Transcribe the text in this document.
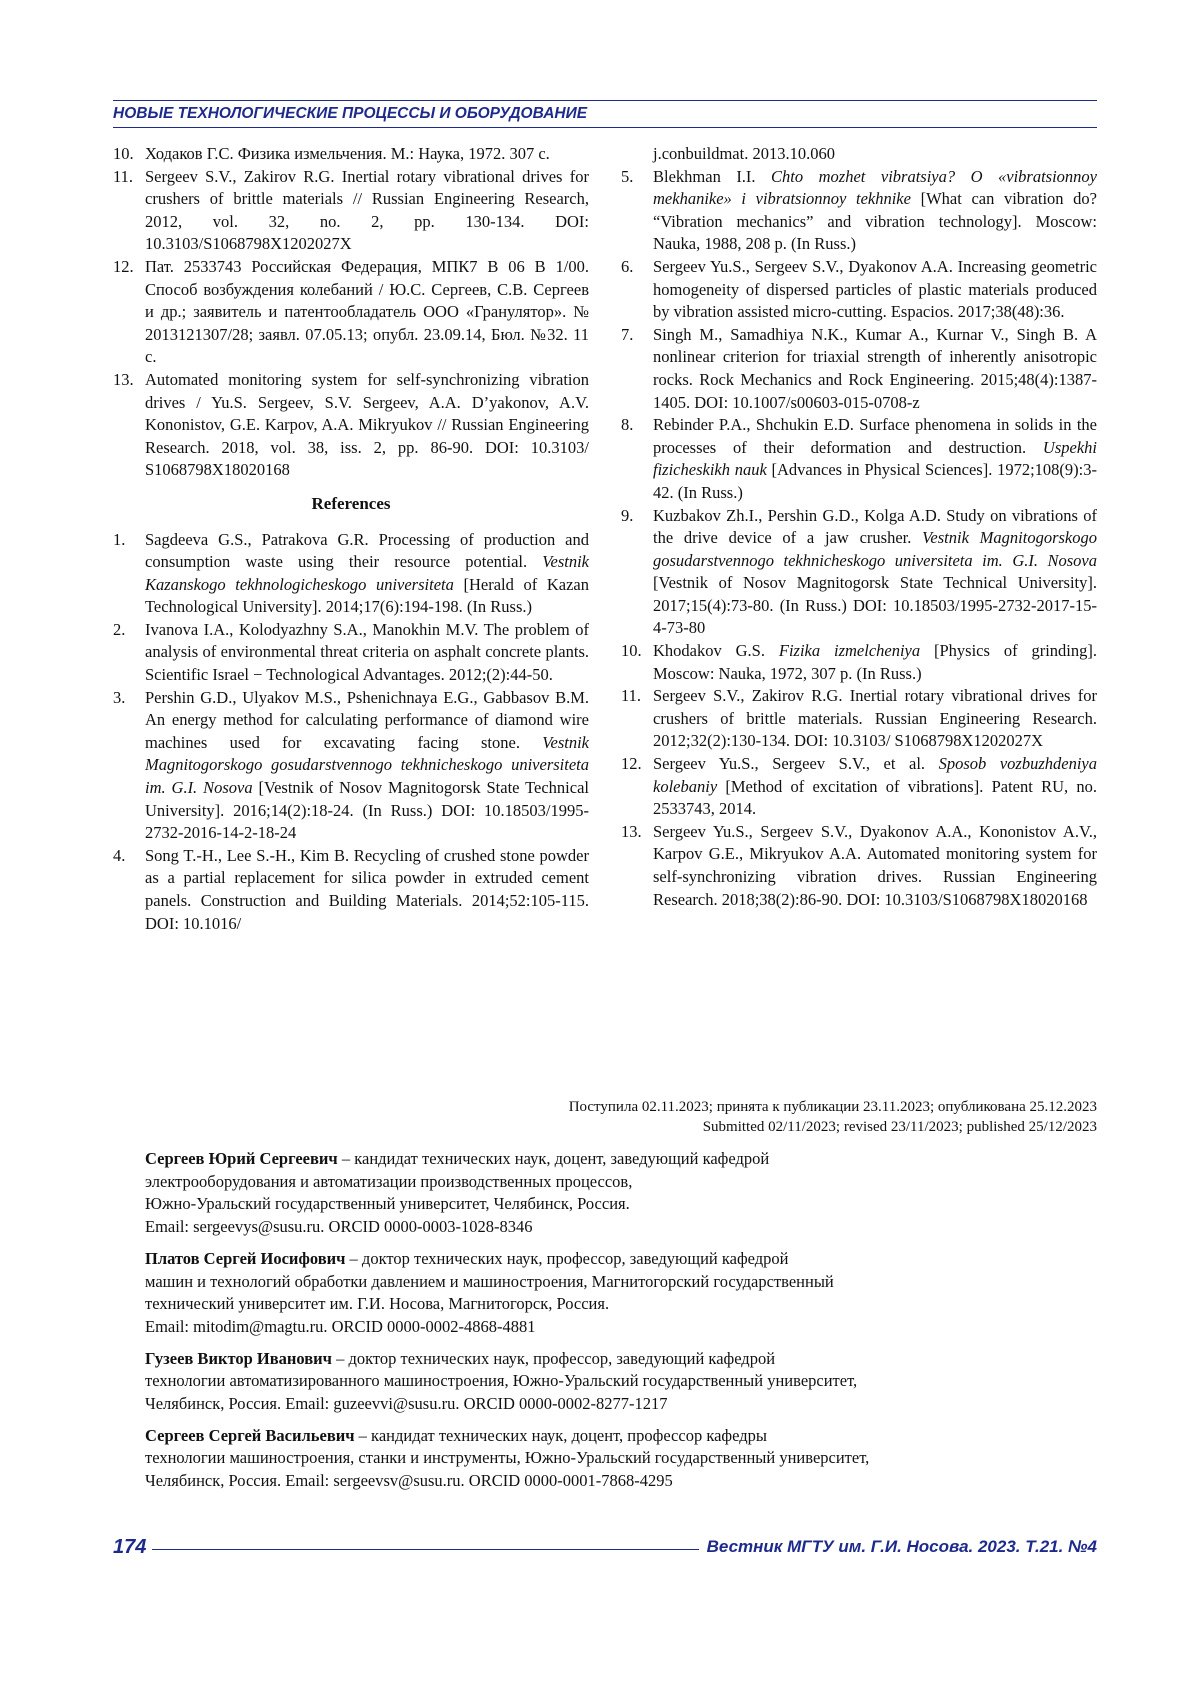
НОВЫЕ ТЕХНОЛОГИЧЕСКИЕ ПРОЦЕССЫ И ОБОРУДОВАНИЕ

10. Ходаков Г.С. Физика измельчения. М.: Наука, 1972. 307 с.

11. Sergeev S.V., Zakirov R.G. Inertial rotary vibrational drives for crushers of brittle materials // Russian Engineering Research, 2012, vol. 32, no. 2, pp. 130-134. DOI: 10.3103/S1068798X1202027X

12. Пат. 2533743 Российская Федерация, МПК7 В 06 В 1/00. Способ возбуждения колебаний / Ю.С. Сергеев, С.В. Сергеев и др.; заявитель и патентообладатель ООО «Гранулятор». № 2013121307/28; заявл. 07.05.13; опубл. 23.09.14, Бюл. №32. 11 с.

13. Automated monitoring system for self-synchronizing vibration drives / Yu.S. Sergeev, S.V. Sergeev, A.A. D’yakonov, A.V. Kononistov, G.E. Karpov, A.A. Mikryukov // Russian Engineering Research. 2018, vol. 38, iss. 2, pp. 86-90. DOI: 10.3103/ S1068798X18020168

References

1. Sagdeeva G.S., Patrakova G.R. Processing of production and consumption waste using their resource potential. Vestnik Kazanskogo tekhnologicheskogo universiteta [Herald of Kazan Technological University]. 2014;17(6):194-198. (In Russ.)

2. Ivanova I.A., Kolodyazhny S.A., Manokhin M.V. The problem of analysis of environmental threat criteria on asphalt concrete plants. Scientific Israel − Technological Advantages. 2012;(2):44-50.

3. Pershin G.D., Ulyakov M.S., Pshenichnaya E.G., Gabbasov B.M. An energy method for calculating performance of diamond wire machines used for excavating facing stone. Vestnik Magnitogorskogo gosudarstvennogo tekhnicheskogo universiteta im. G.I. Nosova [Vestnik of Nosov Magnitogorsk State Technical University]. 2016;14(2):18-24. (In Russ.) DOI: 10.18503/1995-2732-2016-14-2-18-24

4. Song T.-H., Lee S.-H., Kim B. Recycling of crushed stone powder as a partial replacement for silica powder in extruded cement panels. Construction and Building Materials. 2014;52:105-115. DOI: 10.1016/

j.conbuildmat. 2013.10.060

5. Blekhman I.I. Chto mozhet vibratsiya? O «vibratsionnoy mekhanike» i vibratsionnoy tekhnike [What can vibration do? “Vibration mechanics” and vibration technology]. Moscow: Nauka, 1988, 208 p. (In Russ.)

6. Sergeev Yu.S., Sergeev S.V., Dyakonov A.A. Increasing geometric homogeneity of dispersed particles of plastic materials produced by vibration assisted micro-cutting. Espacios. 2017;38(48):36.

7. Singh M., Samadhiya N.K., Kumar A., Kurnar V., Singh B. A nonlinear criterion for triaxial strength of inherently anisotropic rocks. Rock Mechanics and Rock Engineering. 2015;48(4):1387-1405. DOI: 10.1007/s00603-015-0708-z

8. Rebinder P.A., Shchukin E.D. Surface phenomena in solids in the processes of their deformation and destruction. Uspekhi fizicheskikh nauk [Advances in Physical Sciences]. 1972;108(9):3-42. (In Russ.)

9. Kuzbakov Zh.I., Pershin G.D., Kolga A.D. Study on vibrations of the drive device of a jaw crusher. Vestnik Magnitogorskogo gosudarstvennogo tekhnicheskogo universiteta im. G.I. Nosova [Vestnik of Nosov Magnitogorsk State Technical University]. 2017;15(4):73-80. (In Russ.) DOI: 10.18503/1995-2732-2017-15-4-73-80

10. Khodakov G.S. Fizika izmelcheniya [Physics of grinding]. Moscow: Nauka, 1972, 307 p. (In Russ.)

11. Sergeev S.V., Zakirov R.G. Inertial rotary vibrational drives for crushers of brittle materials. Russian Engineering Research. 2012;32(2):130-134. DOI: 10.3103/ S1068798X1202027X

12. Sergeev Yu.S., Sergeev S.V., et al. Sposob vozbuzhdeniya kolebaniy [Method of excitation of vibrations]. Patent RU, no. 2533743, 2014.

13. Sergeev Yu.S., Sergeev S.V., Dyakonov A.A., Kononistov A.V., Karpov G.E., Mikryukov A.A. Automated monitoring system for self-synchronizing vibration drives. Russian Engineering Research. 2018;38(2):86-90. DOI: 10.3103/S1068798X18020168

Поступила 02.11.2023; принята к публикации 23.11.2023; опубликована 25.12.2023
Submitted 02/11/2023; revised 23/11/2023; published 25/12/2023
Сергеев Юрий Сергеевич – кандидат технических наук, доцент, заведующий кафедрой
электрооборудования и автоматизации производственных процессов,
Южно-Уральский государственный университет, Челябинск, Россия.
Email: sergeevys@susu.ru. ORCID 0000-0003-1028-8346
Платов Сергей Иосифович – доктор технических наук, профессор, заведующий кафедрой
машин и технологий обработки давлением и машиностроения, Магнитогорский государственный
технический университет им. Г.И. Носова, Магнитогорск, Россия.
Email: mitodim@magtu.ru. ORCID 0000-0002-4868-4881
Гузеев Виктор Иванович – доктор технических наук, профессор, заведующий кафедрой
технологии автоматизированного машиностроения, Южно-Уральский государственный университет,
Челябинск, Россия. Email: guzeevvi@susu.ru. ORCID 0000-0002-8277-1217
Сергеев Сергей Васильевич – кандидат технических наук, доцент, профессор кафедры
технологии машиностроения, станки и инструменты, Южно-Уральский государственный университет,
Челябинск, Россия. Email: sergeevsv@susu.ru. ORCID 0000-0001-7868-4295
174	Вестник МГТУ им. Г.И. Носова. 2023. Т.21. №4
